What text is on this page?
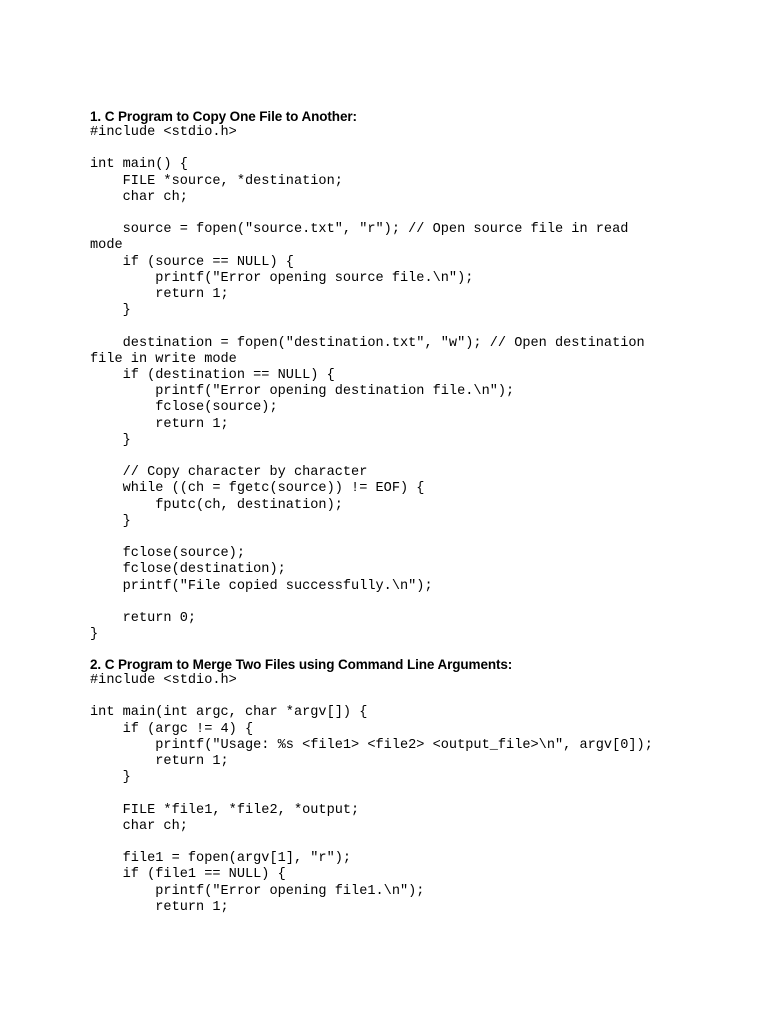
1. C Program to Copy One File to Another:
#include <stdio.h>

int main() {
FILE *source, *destination;
char ch;

source = fopen("source.txt", "r"); // Open source file in read
mode
if (source == NULL) {
printf("Error opening source file.\n");
return 1;
}

destination = fopen("destination.txt", "w"); // Open destination
file in write mode
if (destination == NULL) {
printf("Error opening destination file.\n");
fclose(source);
return 1;
}

// Copy character by character
while ((ch = fgetc(source)) != EOF) {
fputc(ch, destination);
}

fclose(source);
fclose(destination);
printf("File copied successfully.\n");

return 0;
}
2. C Program to Merge Two Files using Command Line Arguments:
#include <stdio.h>

int main(int argc, char *argv[]) {
if (argc != 4) {
printf("Usage: %s <file1> <file2> <output_file>\n", argv[0]);
return 1;
}

FILE *file1, *file2, *output;
char ch;

file1 = fopen(argv[1], "r");
if (file1 == NULL) {
printf("Error opening file1.\n");
return 1;
